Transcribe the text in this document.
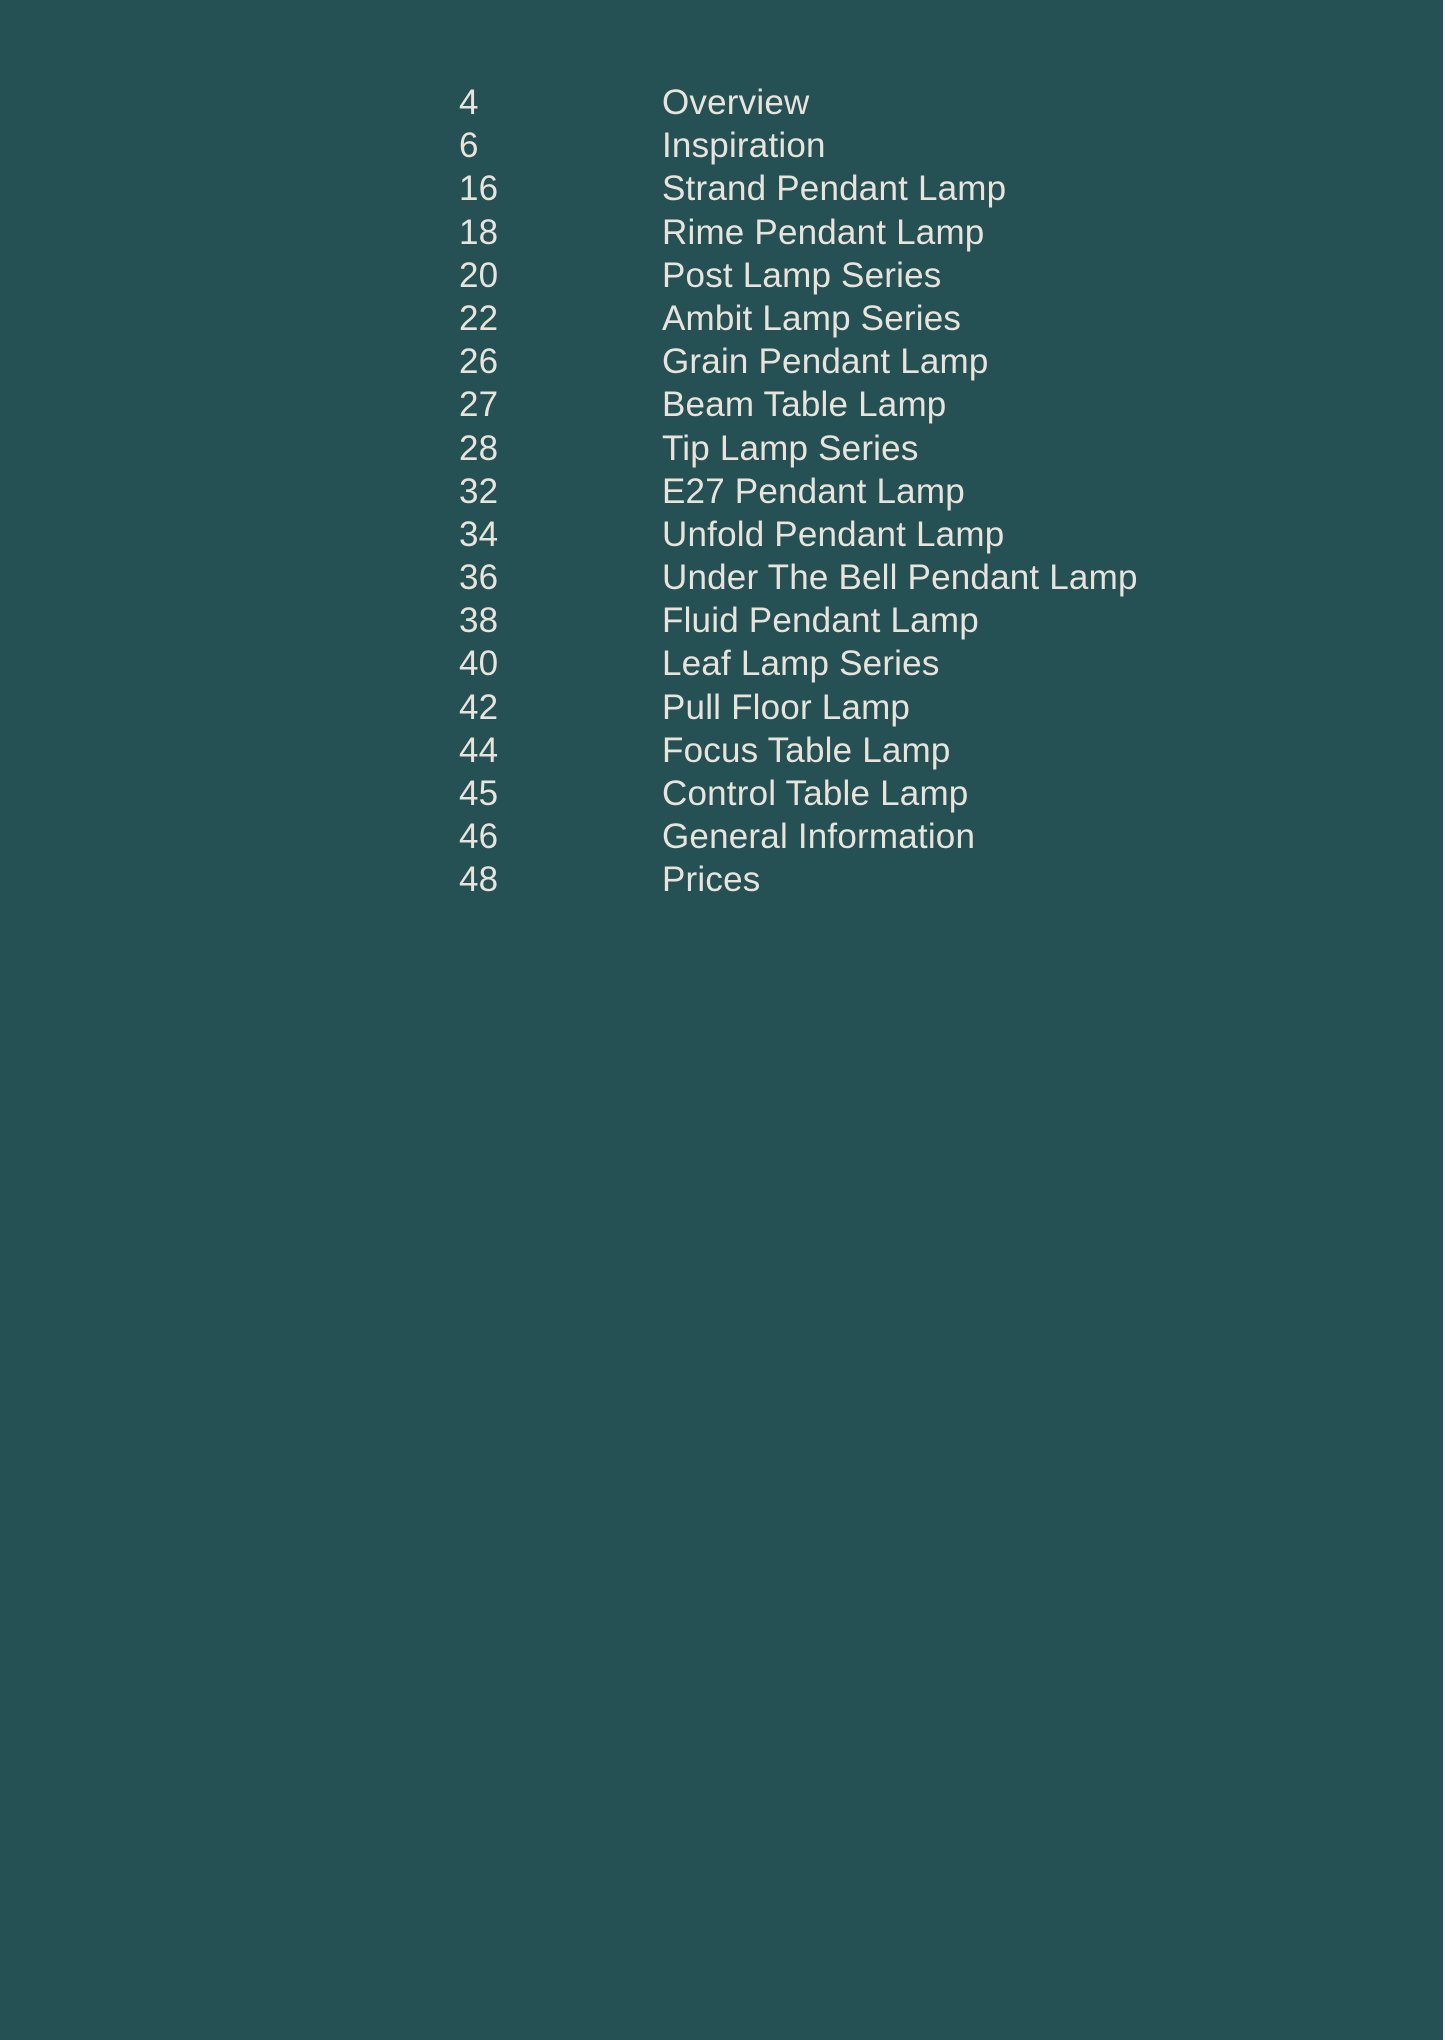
4	Overview
6	Inspiration
16	Strand Pendant Lamp
18	Rime Pendant Lamp
20	Post Lamp Series
22	Ambit Lamp Series
26	Grain Pendant Lamp
27	Beam Table Lamp
28	Tip Lamp Series
32	E27 Pendant Lamp
34	Unfold Pendant Lamp
36	Under The Bell Pendant Lamp
38	Fluid Pendant Lamp
40	Leaf Lamp Series
42	Pull Floor Lamp
44	Focus Table Lamp
45	Control Table Lamp
46	General Information
48	Prices
